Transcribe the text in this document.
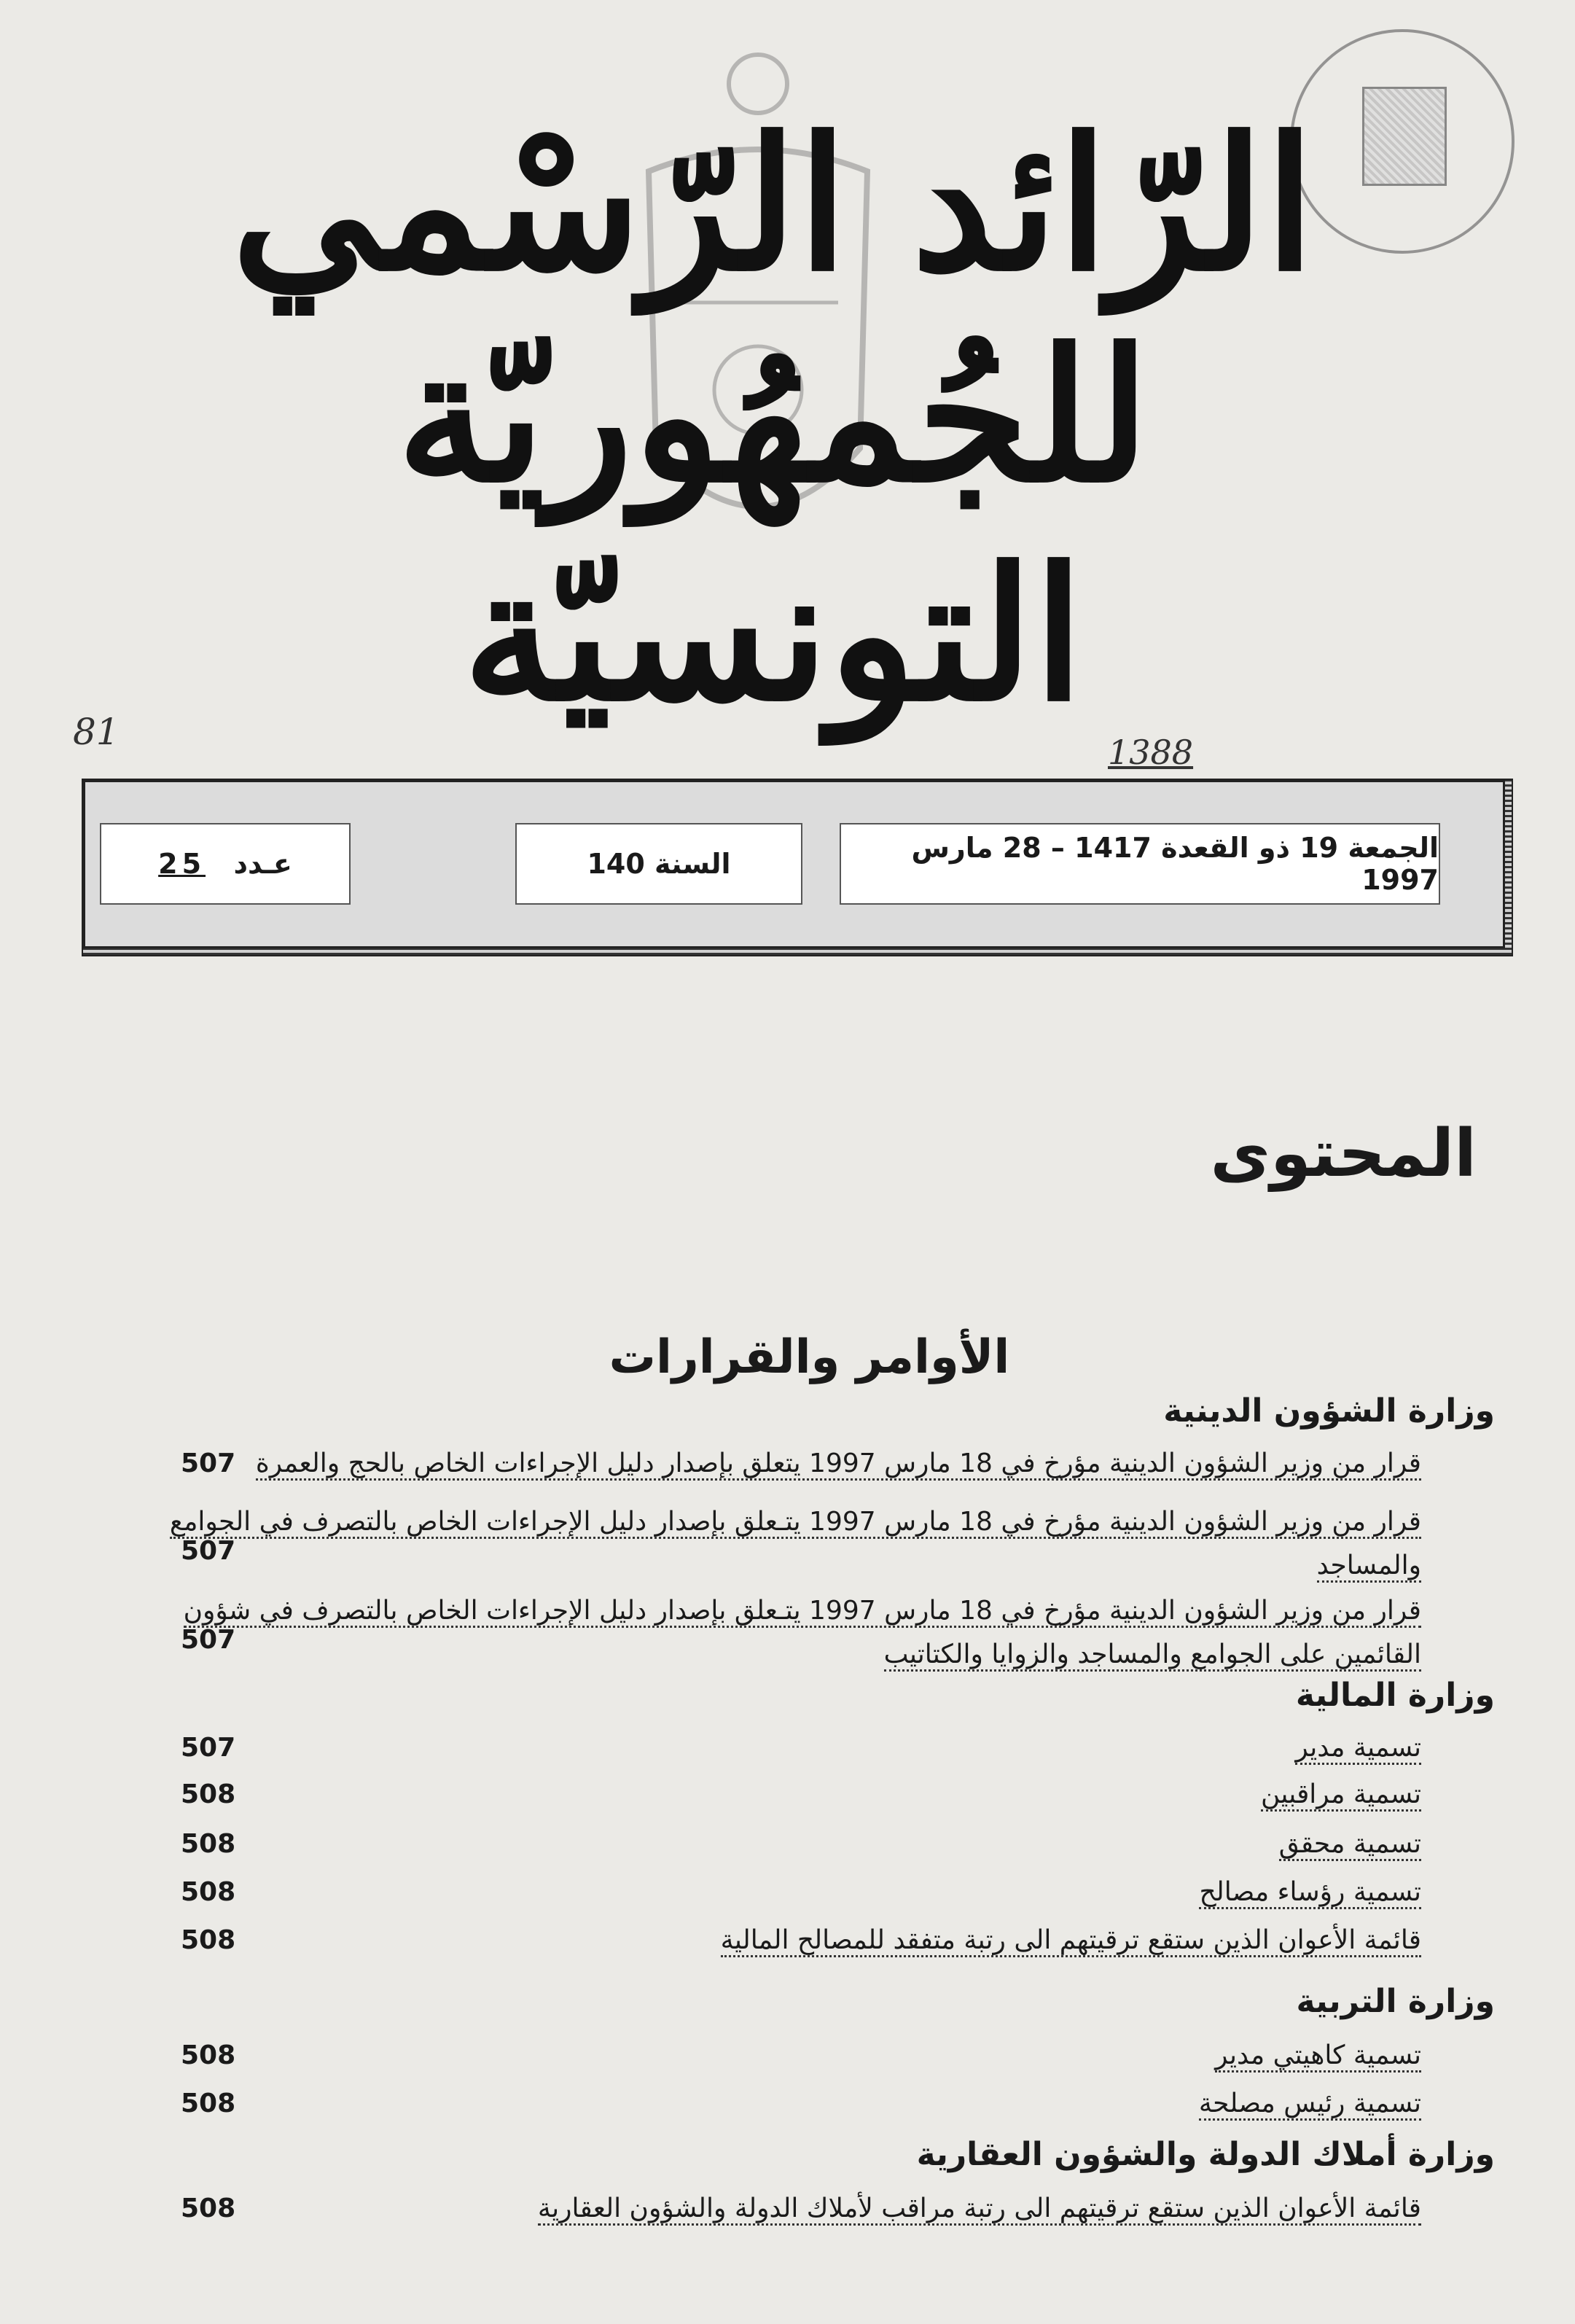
الرّائد الرّسْمي
للجُمهُوريّة التونسيّة
81	1388
الجمعة 19 ذو القعدة 1417 – 28 مارس 1997
السنة 140
عـدد

25
المحتوى
الأوامر والقرارات
وزارة الشؤون الدينية
قرار من وزير الشؤون الدينية مؤرخ في 18 مارس 1997 يتعلق بإصدار دليل الإجراءات الخاص بالحج والعمرة
507
قرار من وزير الشؤون الدينية مؤرخ في 18 مارس 1997 يتـعلق بإصدار دليل الإجراءات الخاص بالتصرف في الجوامع والمساجد
507
قرار من وزير الشؤون الدينية مؤرخ في 18 مارس 1997 يتـعلق بإصدار دليل الإجراءات الخاص بالتصرف في شؤون القائمين على الجوامع والمساجد والزوايا والكتاتيب
507
وزارة المالية
تسمية مدير
507
تسمية مراقبين
508
تسمية محقق
508
تسمية رؤساء مصالح
508
قائمة الأعوان الذين ستقع ترقيتهم الى رتبة متفقد للمصالح المالية
508
وزارة التربية
تسمية كاهيتي مدير
508
تسمية رئيس مصلحة
508
وزارة أملاك الدولة والشؤون العقارية
قائمة الأعوان الذين ستقع ترقيتهم الى رتبة مراقب لأملاك الدولة والشؤون العقارية
508
